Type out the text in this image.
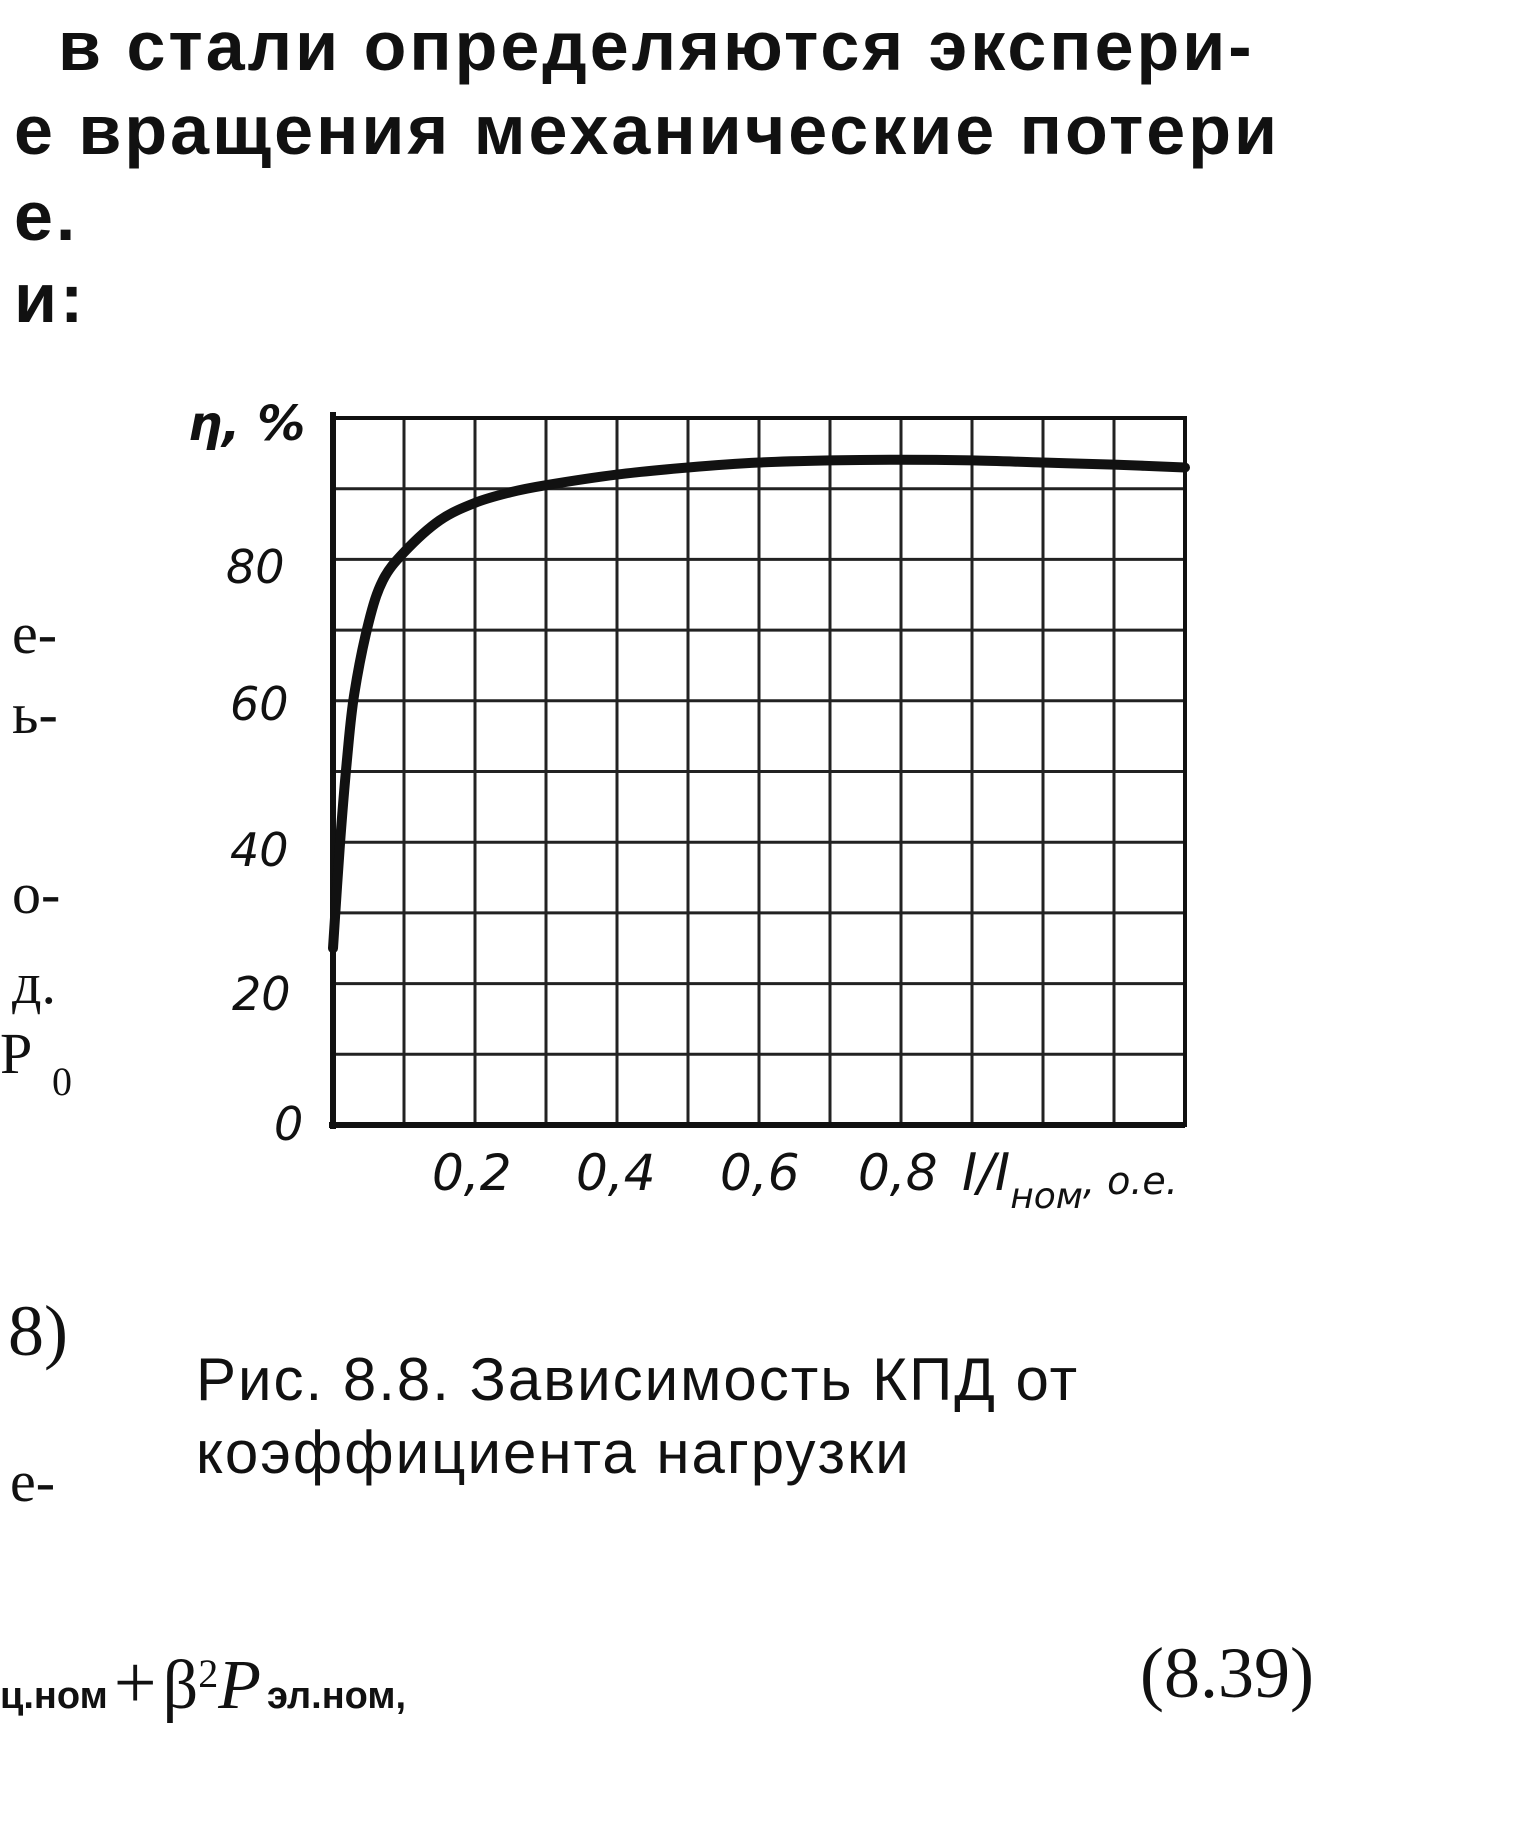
в стали определяются экспери-
е вращения механические потери
е.
и:
е-
ь-
о-
д.
P 0
8)
е-
η, %
80
60
40
20
0
0,2 0,4 0,6 0,8 $I/I_{ном}^{, о.е.}$
Рис. 8.8. Зависимость КПД от
коэффициента нагрузки
$ц.ном+\beta^2P$ эл.ном,	(8.39)
